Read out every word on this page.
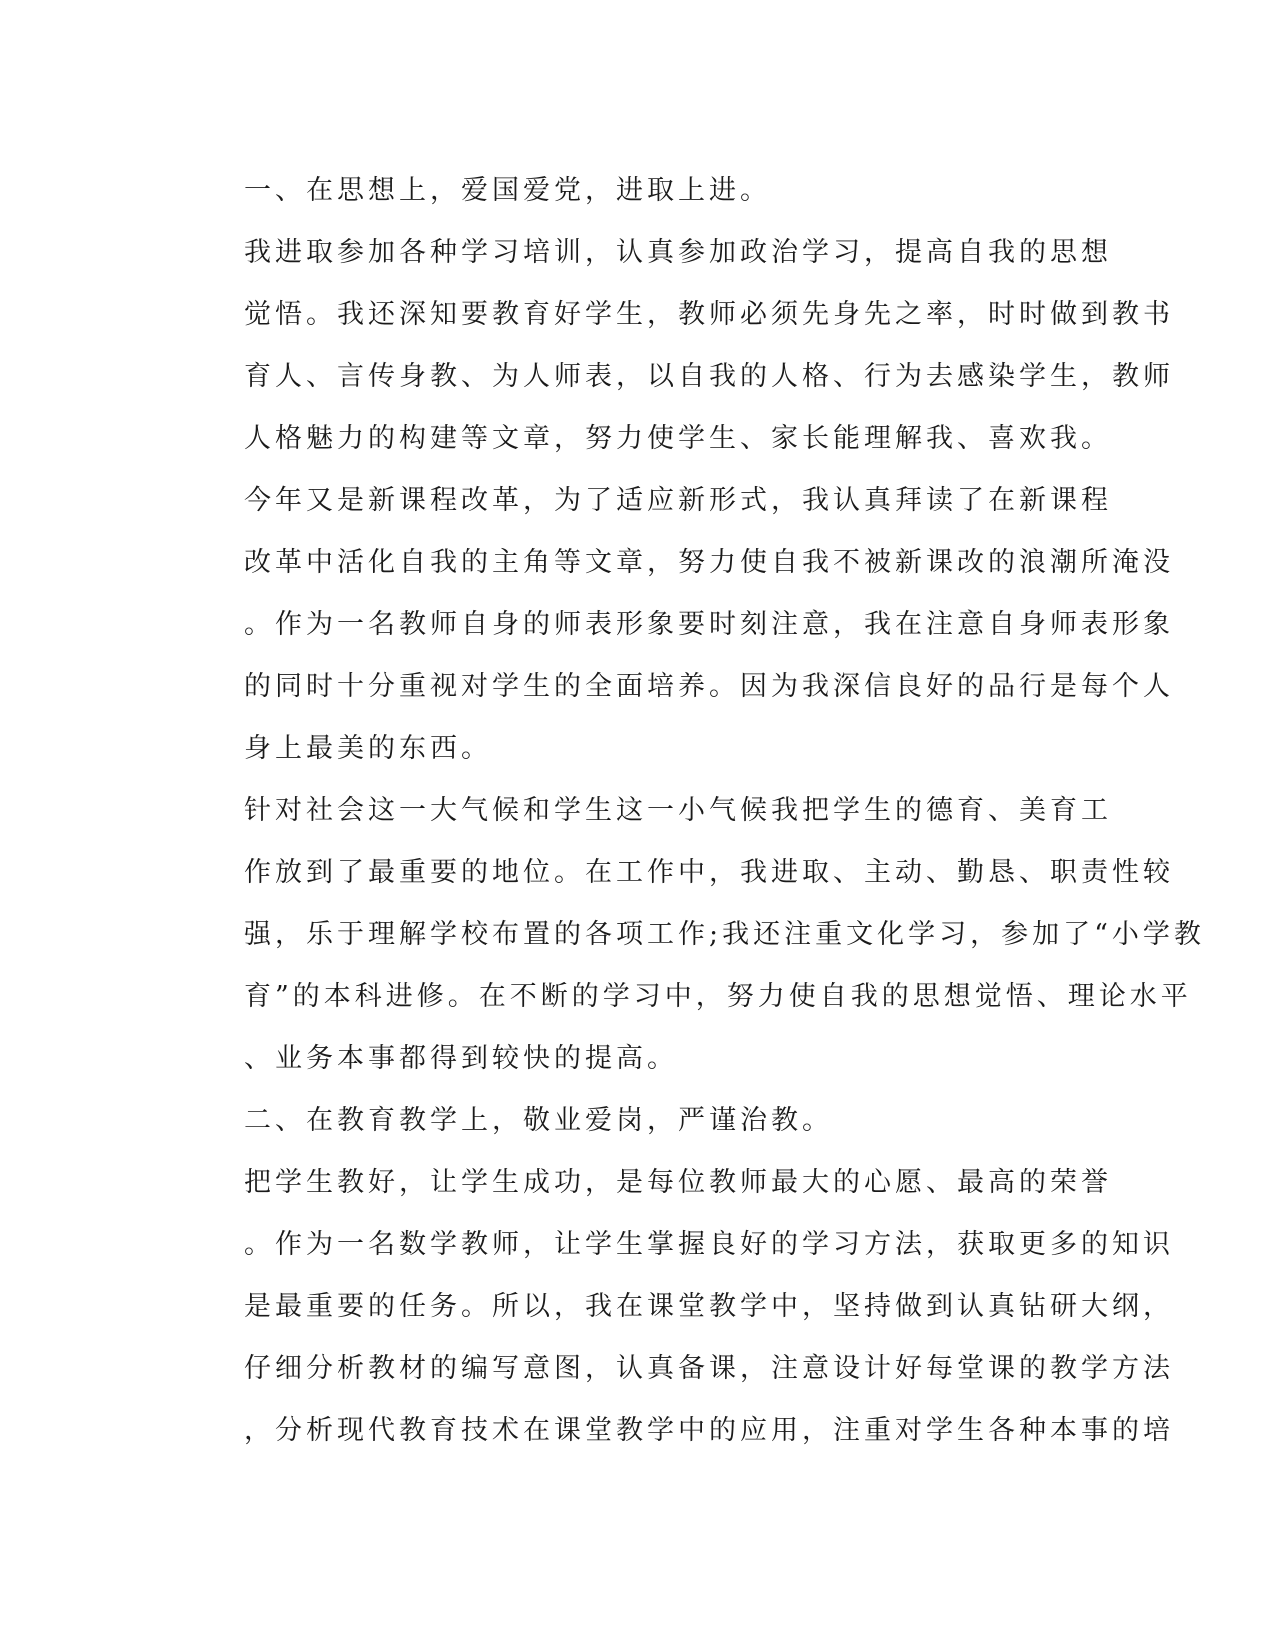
一、在思想上，爱国爱党，进取上进。

我进取参加各种学习培训，认真参加政治学习，提高自我的思想
觉悟。我还深知要教育好学生，教师必须先身先之率，时时做到教书
育人、言传身教、为人师表，以自我的人格、行为去感染学生，教师
人格魅力的构建等文章，努力使学生、家长能理解我、喜欢我。

今年又是新课程改革，为了适应新形式，我认真拜读了在新课程
改革中活化自我的主角等文章，努力使自我不被新课改的浪潮所淹没
。作为一名教师自身的师表形象要时刻注意，我在注意自身师表形象
的同时十分重视对学生的全面培养。因为我深信良好的品行是每个人
身上最美的东西。

针对社会这一大气候和学生这一小气候我把学生的德育、美育工
作放到了最重要的地位。在工作中，我进取、主动、勤恳、职责性较
强，乐于理解学校布置的各项工作;我还注重文化学习，参加了“小学教
育”的本科进修。在不断的学习中，努力使自我的思想觉悟、理论水平
、业务本事都得到较快的提高。

二、在教育教学上，敬业爱岗，严谨治教。

把学生教好，让学生成功，是每位教师最大的心愿、最高的荣誉
。作为一名数学教师，让学生掌握良好的学习方法，获取更多的知识
是最重要的任务。所以，我在课堂教学中，坚持做到认真钻研大纲，
仔细分析教材的编写意图，认真备课，注意设计好每堂课的教学方法
，分析现代教育技术在课堂教学中的应用，注重对学生各种本事的培
